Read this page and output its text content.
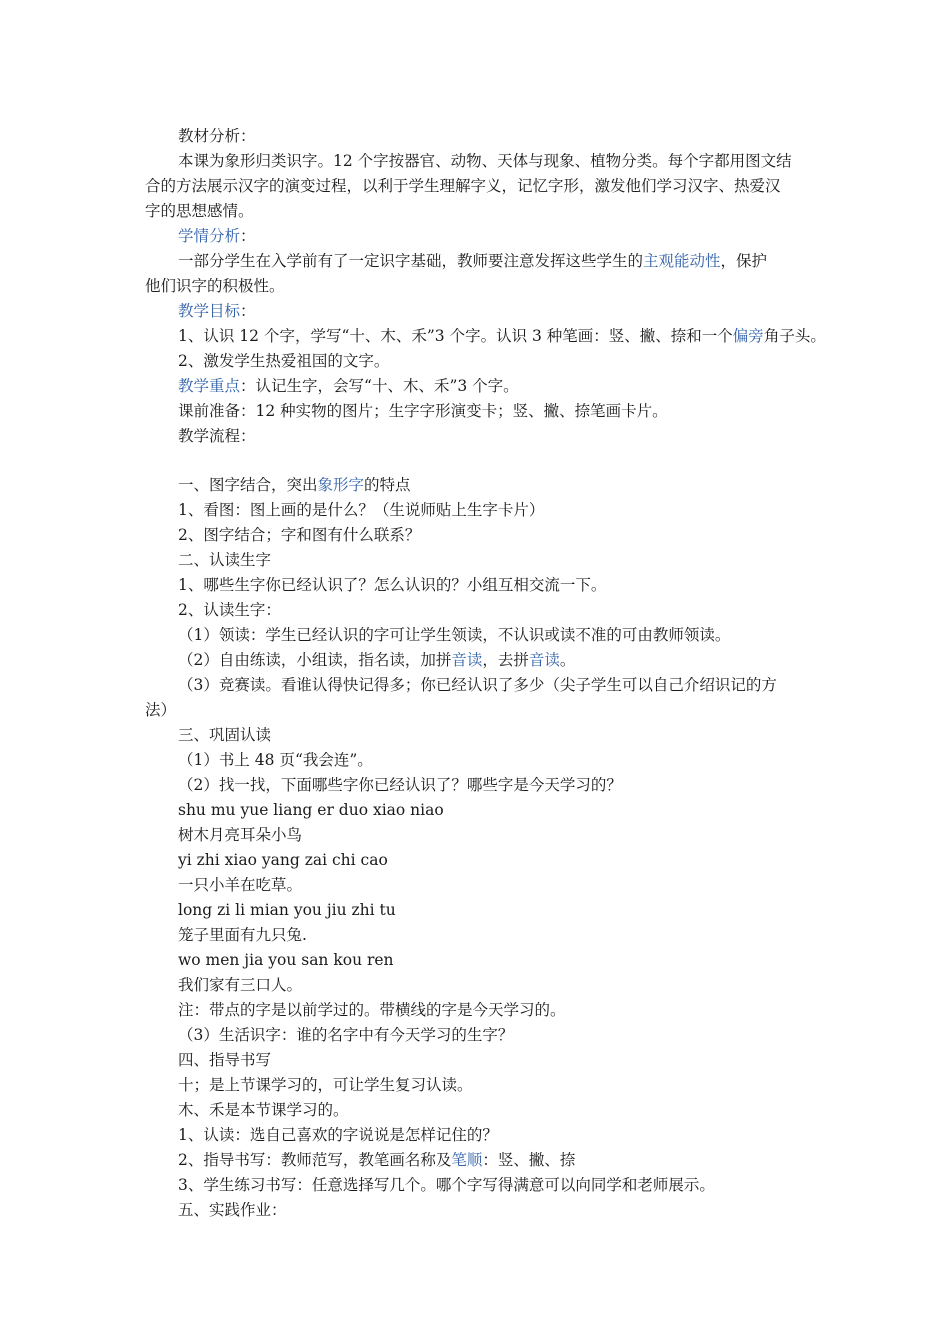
教材分析：
本课为象形归类识字。12 个字按器官、动物、天体与现象、植物分类。每个字都用图文结
合的方法展示汉字的演变过程，以利于学生理解字义，记忆字形，激发他们学习汉字、热爱汉
字的思想感情。
学情分析：
一部分学生在入学前有了一定识字基础，教师要注意发挥这些学生的主观能动性，保护
他们识字的积极性。
教学目标：
1、认识 12 个字，学写“十、木、禾”3 个字。认识 3 种笔画：竖、撇、捺和一个偏旁角子头。
2、激发学生热爱祖国的文字。
教学重点：认记生字，会写“十、木、禾”3 个字。
课前准备：12 种实物的图片；生字字形演变卡；竖、撇、捺笔画卡片。
教学流程：
一、图字结合，突出象形字的特点
1、看图：图上画的是什么？（生说师贴上生字卡片）
2、图字结合；字和图有什么联系？
二、认读生字
1、哪些生字你已经认识了？怎么认识的？小组互相交流一下。
2、认读生字：
（1）领读：学生已经认识的字可让学生领读，不认识或读不准的可由教师领读。
（2）自由练读，小组读，指名读，加拼音读，去拼音读。
（3）竞赛读。看谁认得快记得多；你已经认识了多少（尖子学生可以自己介绍识记的方
法）
三、巩固认读
（1）书上 48 页“我会连”。
（2）找一找，下面哪些字你已经认识了？哪些字是今天学习的？
shu mu yue liang er duo xiao niao
树木月亮耳朵小鸟
yi zhi xiao yang zai chi cao
一只小羊在吃草。
long zi li mian you jiu zhi tu
笼子里面有九只兔.
wo men jia you san kou ren
我们家有三口人。
注：带点的字是以前学过的。带横线的字是今天学习的。
（3）生活识字：谁的名字中有今天学习的生字？
四、指导书写
十；是上节课学习的，可让学生复习认读。
木、禾是本节课学习的。
1、认读：选自己喜欢的字说说是怎样记住的？
2、指导书写：教师范写，教笔画名称及笔顺：竖、撇、捺
3、学生练习书写：任意选择写几个。哪个字写得满意可以向同学和老师展示。
五、实践作业：
